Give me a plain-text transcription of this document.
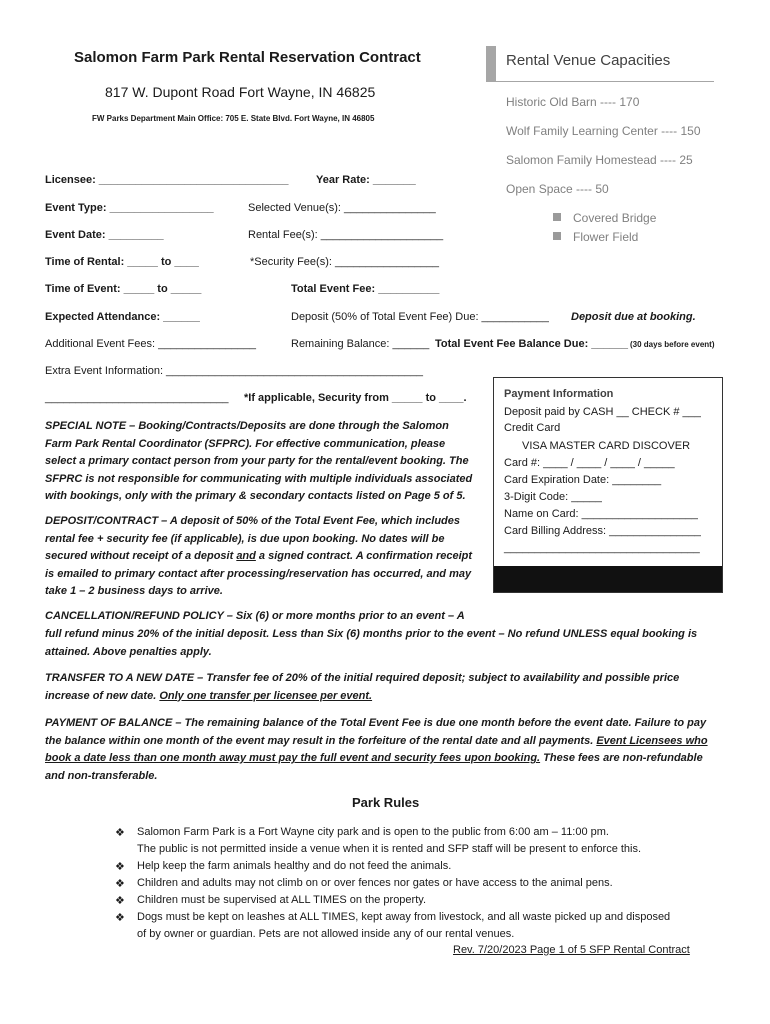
Salomon Farm Park Rental Reservation Contract
817 W. Dupont Road Fort Wayne, IN 46825
FW Parks Department Main Office: 705 E. State Blvd. Fort Wayne, IN 46805
Rental Venue Capacities
Historic Old Barn ---- 170
Wolf Family Learning Center ---- 150
Salomon Family Homestead ---- 25
Open Space ---- 50
Covered Bridge
Flower Field
Licensee: _______________________________	Year Rate: _______
Event Type: _________________	Selected Venue(s): _______________
Event Date: _________	Rental Fee(s): ____________________
Time of Rental: _____ to ____	*Security Fee(s): _________________
Time of Event: _____ to _____	Total Event Fee: __________
Expected Attendance: ______	Deposit (50% of Total Event Fee) Due: ___________ Deposit due at booking.
Additional Event Fees: ________________	Remaining Balance: ______ Total Event Fee Balance Due: ______ (30 days before event)
Extra Event Information: __________________________________________
______________________________ *If applicable, Security from _____ to ____.
SPECIAL NOTE – Booking/Contracts/Deposits are done through the Salomon Farm Park Rental Coordinator (SFPRC). For effective communication, please select a primary contact person from your party for the rental/event booking. The SFPRC is not responsible for communicating with multiple individuals associated with bookings, only with the primary & secondary contacts listed on Page 5 of 5.
DEPOSIT/CONTRACT – A deposit of 50% of the Total Event Fee, which includes rental fee + security fee (if applicable), is due upon booking. No dates will be secured without receipt of a deposit and a signed contract. A confirmation receipt is emailed to primary contact after processing/reservation has occurred, and may take 1 – 2 business days to arrive.
CANCELLATION/REFUND POLICY – Six (6) or more months prior to an event – A
full refund minus 20% of the initial deposit. Less than Six (6) months prior to the event – No refund UNLESS equal booking is attained. Above penalties apply.
TRANSFER TO A NEW DATE – Transfer fee of 20% of the initial required deposit; subject to availability and possible price increase of new date. Only one transfer per licensee per event.
PAYMENT OF BALANCE – The remaining balance of the Total Event Fee is due one month before the event date. Failure to pay the balance within one month of the event may result in the forfeiture of the rental date and all payments. Event Licensees who book a date less than one month away must pay the full event and security fees upon booking. These fees are non-refundable and non-transferable.
Payment Information
Deposit paid by CASH __ CHECK # ___
Credit Card
VISA MASTER CARD DISCOVER
Card #: ____ / ____ / ____ / _____
Card Expiration Date: ________
3-Digit Code: _____
Name on Card: ___________________
Card Billing Address: _______________
________________________________
Park Rules
❖ Salomon Farm Park is a Fort Wayne city park and is open to the public from 6:00 am – 11:00 pm.
The public is not permitted inside a venue when it is rented and SFP staff will be present to enforce this.
❖ Help keep the farm animals healthy and do not feed the animals.
❖ Children and adults may not climb on or over fences nor gates or have access to the animal pens.
❖ Children must be supervised at ALL TIMES on the property.
❖ Dogs must be kept on leashes at ALL TIMES, kept away from livestock, and all waste picked up and disposed
of by owner or guardian. Pets are not allowed inside any of our rental venues.
Rev. 7/20/2023 Page 1 of 5 SFP Rental Contract
